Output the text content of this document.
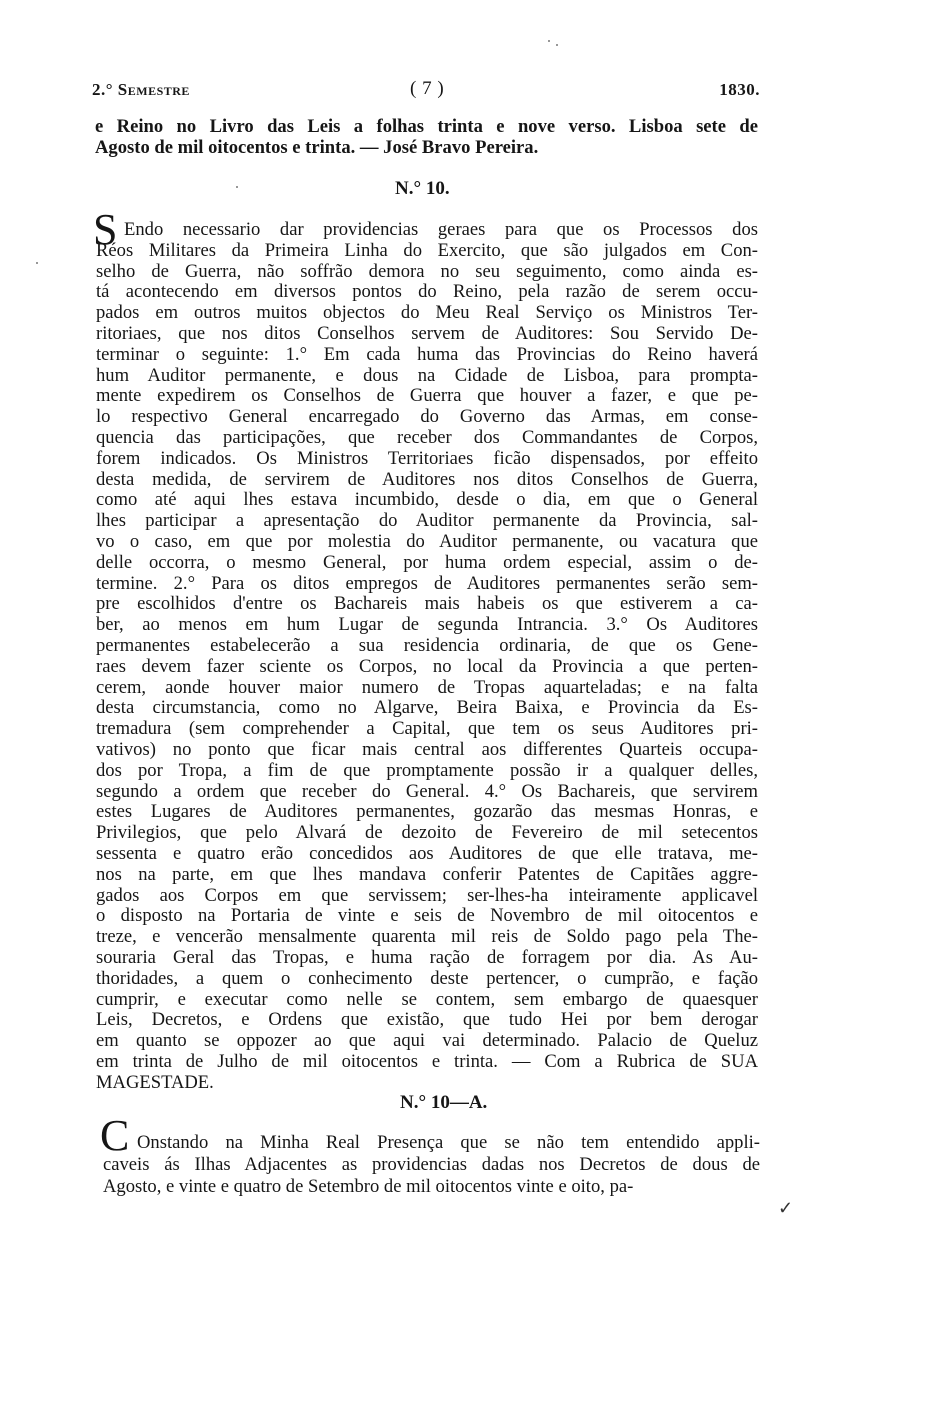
2.° Semestre	( 7 )	1830.
e Reino no Livro das Leis a folhas trinta e nove verso. Lisboa sete de
Agosto de mil oitocentos e trinta. — José Bravo Pereira.
N.° 10.
S Endo necessario dar providencias geraes para que os Processos dos
Réos Militares da Primeira Linha do Exercito, que são julgados em Con-
selho de Guerra, não soffrão demora no seu seguimento, como ainda es-
tá acontecendo em diversos pontos do Reino, pela razão de serem occu-
pados em outros muitos objectos do Meu Real Serviço os Ministros Ter-
ritoriaes, que nos ditos Conselhos servem de Auditores: Sou Servido De-
terminar o seguinte: 1.° Em cada huma das Provincias do Reino haverá
hum Auditor permanente, e dous na Cidade de Lisboa, para prompta-
mente expedirem os Conselhos de Guerra que houver a fazer, e que pe-
lo respectivo General encarregado do Governo das Armas, em conse-
quencia das participações, que receber dos Commandantes de Corpos,
forem indicados. Os Ministros Territoriaes ficão dispensados, por effeito
desta medida, de servirem de Auditores nos ditos Conselhos de Guerra,
como até aqui lhes estava incumbido, desde o dia, em que o General
lhes participar a apresentação do Auditor permanente da Provincia, sal-
vo o caso, em que por molestia do Auditor permanente, ou vacatura que
delle occorra, o mesmo General, por huma ordem especial, assim o de-
termine. 2.° Para os ditos empregos de Auditores permanentes serão sem-
pre escolhidos d'entre os Bachareis mais habeis os que estiverem a ca-
ber, ao menos em hum Lugar de segunda Intrancia. 3.° Os Auditores
permanentes estabelecerão a sua residencia ordinaria, de que os Gene-
raes devem fazer sciente os Corpos, no local da Provincia a que perten-
cerem, aonde houver maior numero de Tropas aquarteladas; e na falta
desta circumstancia, como no Algarve, Beira Baixa, e Provincia da Es-
tremadura (sem comprehender a Capital, que tem os seus Auditores pri-
vativos) no ponto que ficar mais central aos differentes Quarteis occupa-
dos por Tropa, a fim de que promptamente possão ir a qualquer delles,
segundo a ordem que receber do General. 4.° Os Bachareis, que servirem
estes Lugares de Auditores permanentes, gozarão das mesmas Honras, e
Privilegios, que pelo Alvará de dezoito de Fevereiro de mil setecentos
sessenta e quatro erão concedidos aos Auditores de que elle tratava, me-
nos na parte, em que lhes mandava conferir Patentes de Capitães aggre-
gados aos Corpos em que servissem; ser-lhes-ha inteiramente applicavel
o disposto na Portaria de vinte e seis de Novembro de mil oitocentos e
treze, e vencerão mensalmente quarenta mil reis de Soldo pago pela The-
souraria Geral das Tropas, e huma ração de forragem por dia. As Au-
thoridades, a quem o conhecimento deste pertencer, o cumprão, e fação
cumprir, e executar como nelle se contem, sem embargo de quaesquer
Leis, Decretos, e Ordens que existão, que tudo Hei por bem derogar
em quanto se oppozer ao que aqui vai determinado. Palacio de Queluz
em trinta de Julho de mil oitocentos e trinta. — Com a Rubrica de SUA
MAGESTADE.
N.° 10—A.
C Onstando na Minha Real Presença que se não tem entendido appli-
caveis ás Ilhas Adjacentes as providencias dadas nos Decretos de dous de
Agosto, e vinte e quatro de Setembro de mil oitocentos vinte e oito, pa-
✓
